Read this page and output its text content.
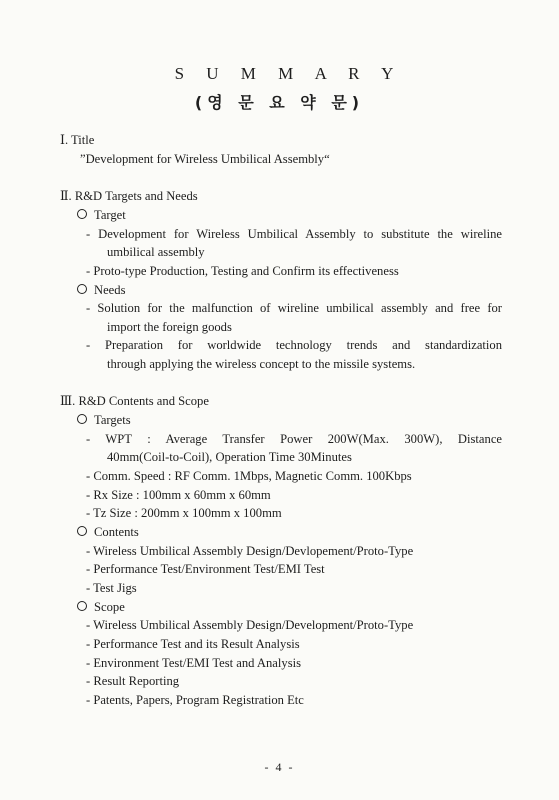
S U M M A R Y
(영 문 요 약 문)
Ⅰ. Title
”Development for Wireless Umbilical Assembly“
Ⅱ. R&D Targets and Needs
Target
- Development for Wireless Umbilical Assembly to substitute the wireline
umbilical assembly
- Proto-type Production, Testing and Confirm its effectiveness
Needs
- Solution for the malfunction of wireline umbilical assembly and free for
import the foreign goods
- Preparation for worldwide technology trends and standardization
through applying the wireless concept to the missile systems.
Ⅲ. R&D Contents and Scope
Targets
- WPT : Average Transfer Power 200W(Max. 300W), Distance
40mm(Coil-to-Coil), Operation Time 30Minutes
- Comm. Speed : RF Comm. 1Mbps, Magnetic Comm. 100Kbps
- Rx Size : 100mm x 60mm x 60mm
- Tz Size : 200mm x 100mm x 100mm
Contents
- Wireless Umbilical Assembly Design/Devlopement/Proto-Type
- Performance Test/Environment Test/EMI Test
- Test Jigs
Scope
- Wireless Umbilical Assembly Design/Development/Proto-Type
- Performance Test and its Result Analysis
- Environment Test/EMI Test and Analysis
- Result Reporting
- Patents, Papers, Program Registration Etc
- 4 -
